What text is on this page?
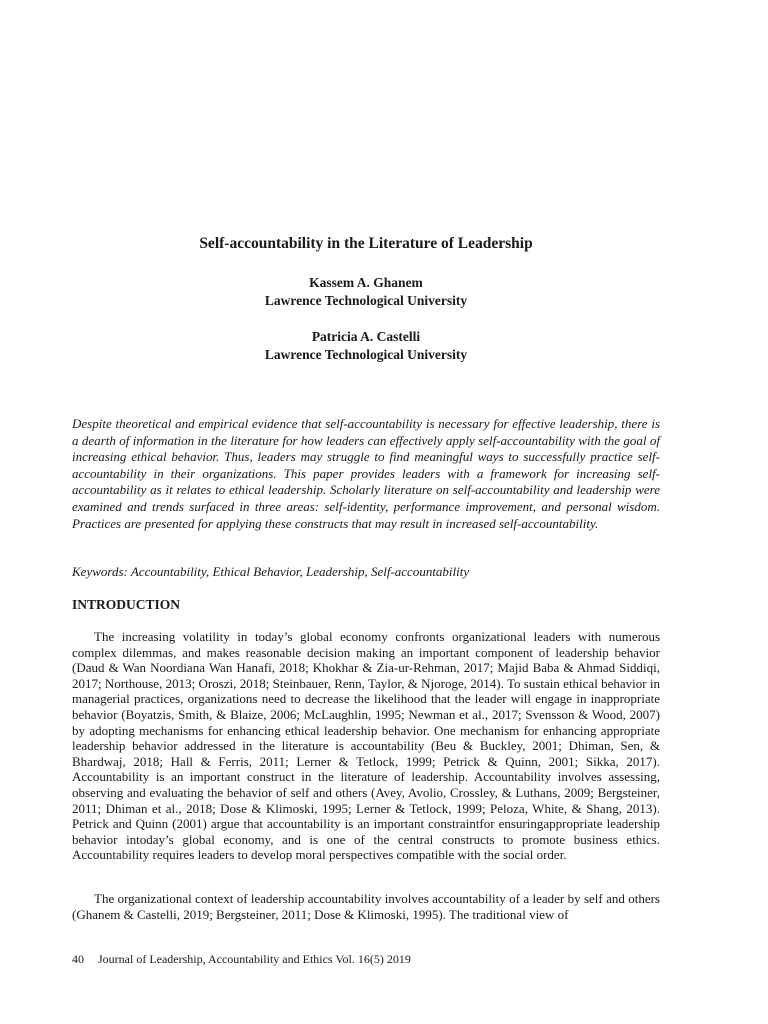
Self-accountability in the Literature of Leadership
Kassem A. Ghanem
Lawrence Technological University
Patricia A. Castelli
Lawrence Technological University

Despite theoretical and empirical evidence that self-accountability is necessary for effective leadership, there is a dearth of information in the literature for how leaders can effectively apply self-accountability with the goal of increasing ethical behavior. Thus, leaders may struggle to find meaningful ways to successfully practice self-accountability in their organizations. This paper provides leaders with a framework for increasing self-accountability as it relates to ethical leadership. Scholarly literature on self-accountability and leadership were examined and trends surfaced in three areas: self-identity, performance improvement, and personal wisdom. Practices are presented for applying these constructs that may result in increased self-accountability.

Keywords: Accountability, Ethical Behavior, Leadership, Self-accountability

INTRODUCTION

The increasing volatility in today’s global economy confronts organizational leaders with numerous complex dilemmas, and makes reasonable decision making an important component of leadership behavior (Daud & Wan Noordiana Wan Hanafi, 2018; Khokhar & Zia-ur-Rehman, 2017; Majid Baba & Ahmad Siddiqi, 2017; Northouse, 2013; Oroszi, 2018; Steinbauer, Renn, Taylor, & Njoroge, 2014). To sustain ethical behavior in managerial practices, organizations need to decrease the likelihood that the leader will engage in inappropriate behavior (Boyatzis, Smith, & Blaize, 2006; McLaughlin, 1995; Newman et al., 2017; Svensson & Wood, 2007) by adopting mechanisms for enhancing ethical leadership behavior. One mechanism for enhancing appropriate leadership behavior addressed in the literature is accountability (Beu & Buckley, 2001; Dhiman, Sen, & Bhardwaj, 2018; Hall & Ferris, 2011; Lerner & Tetlock, 1999; Petrick & Quinn, 2001; Sikka, 2017). Accountability is an important construct in the literature of leadership. Accountability involves assessing, observing and evaluating the behavior of self and others (Avey, Avolio, Crossley, & Luthans, 2009; Bergsteiner, 2011; Dhiman et al., 2018; Dose & Klimoski, 1995; Lerner & Tetlock, 1999; Peloza, White, & Shang, 2013). Petrick and Quinn (2001) argue that accountability is an important constraintfor ensuringappropriate leadership behavior intoday’s global economy, and is one of the central constructs to promote business ethics. Accountability requires leaders to develop moral perspectives compatible with the social order.

The organizational context of leadership accountability involves accountability of a leader by self and others (Ghanem & Castelli, 2019; Bergsteiner, 2011; Dose & Klimoski, 1995). The traditional view of

40 Journal of Leadership, Accountability and Ethics Vol. 16(5) 2019
